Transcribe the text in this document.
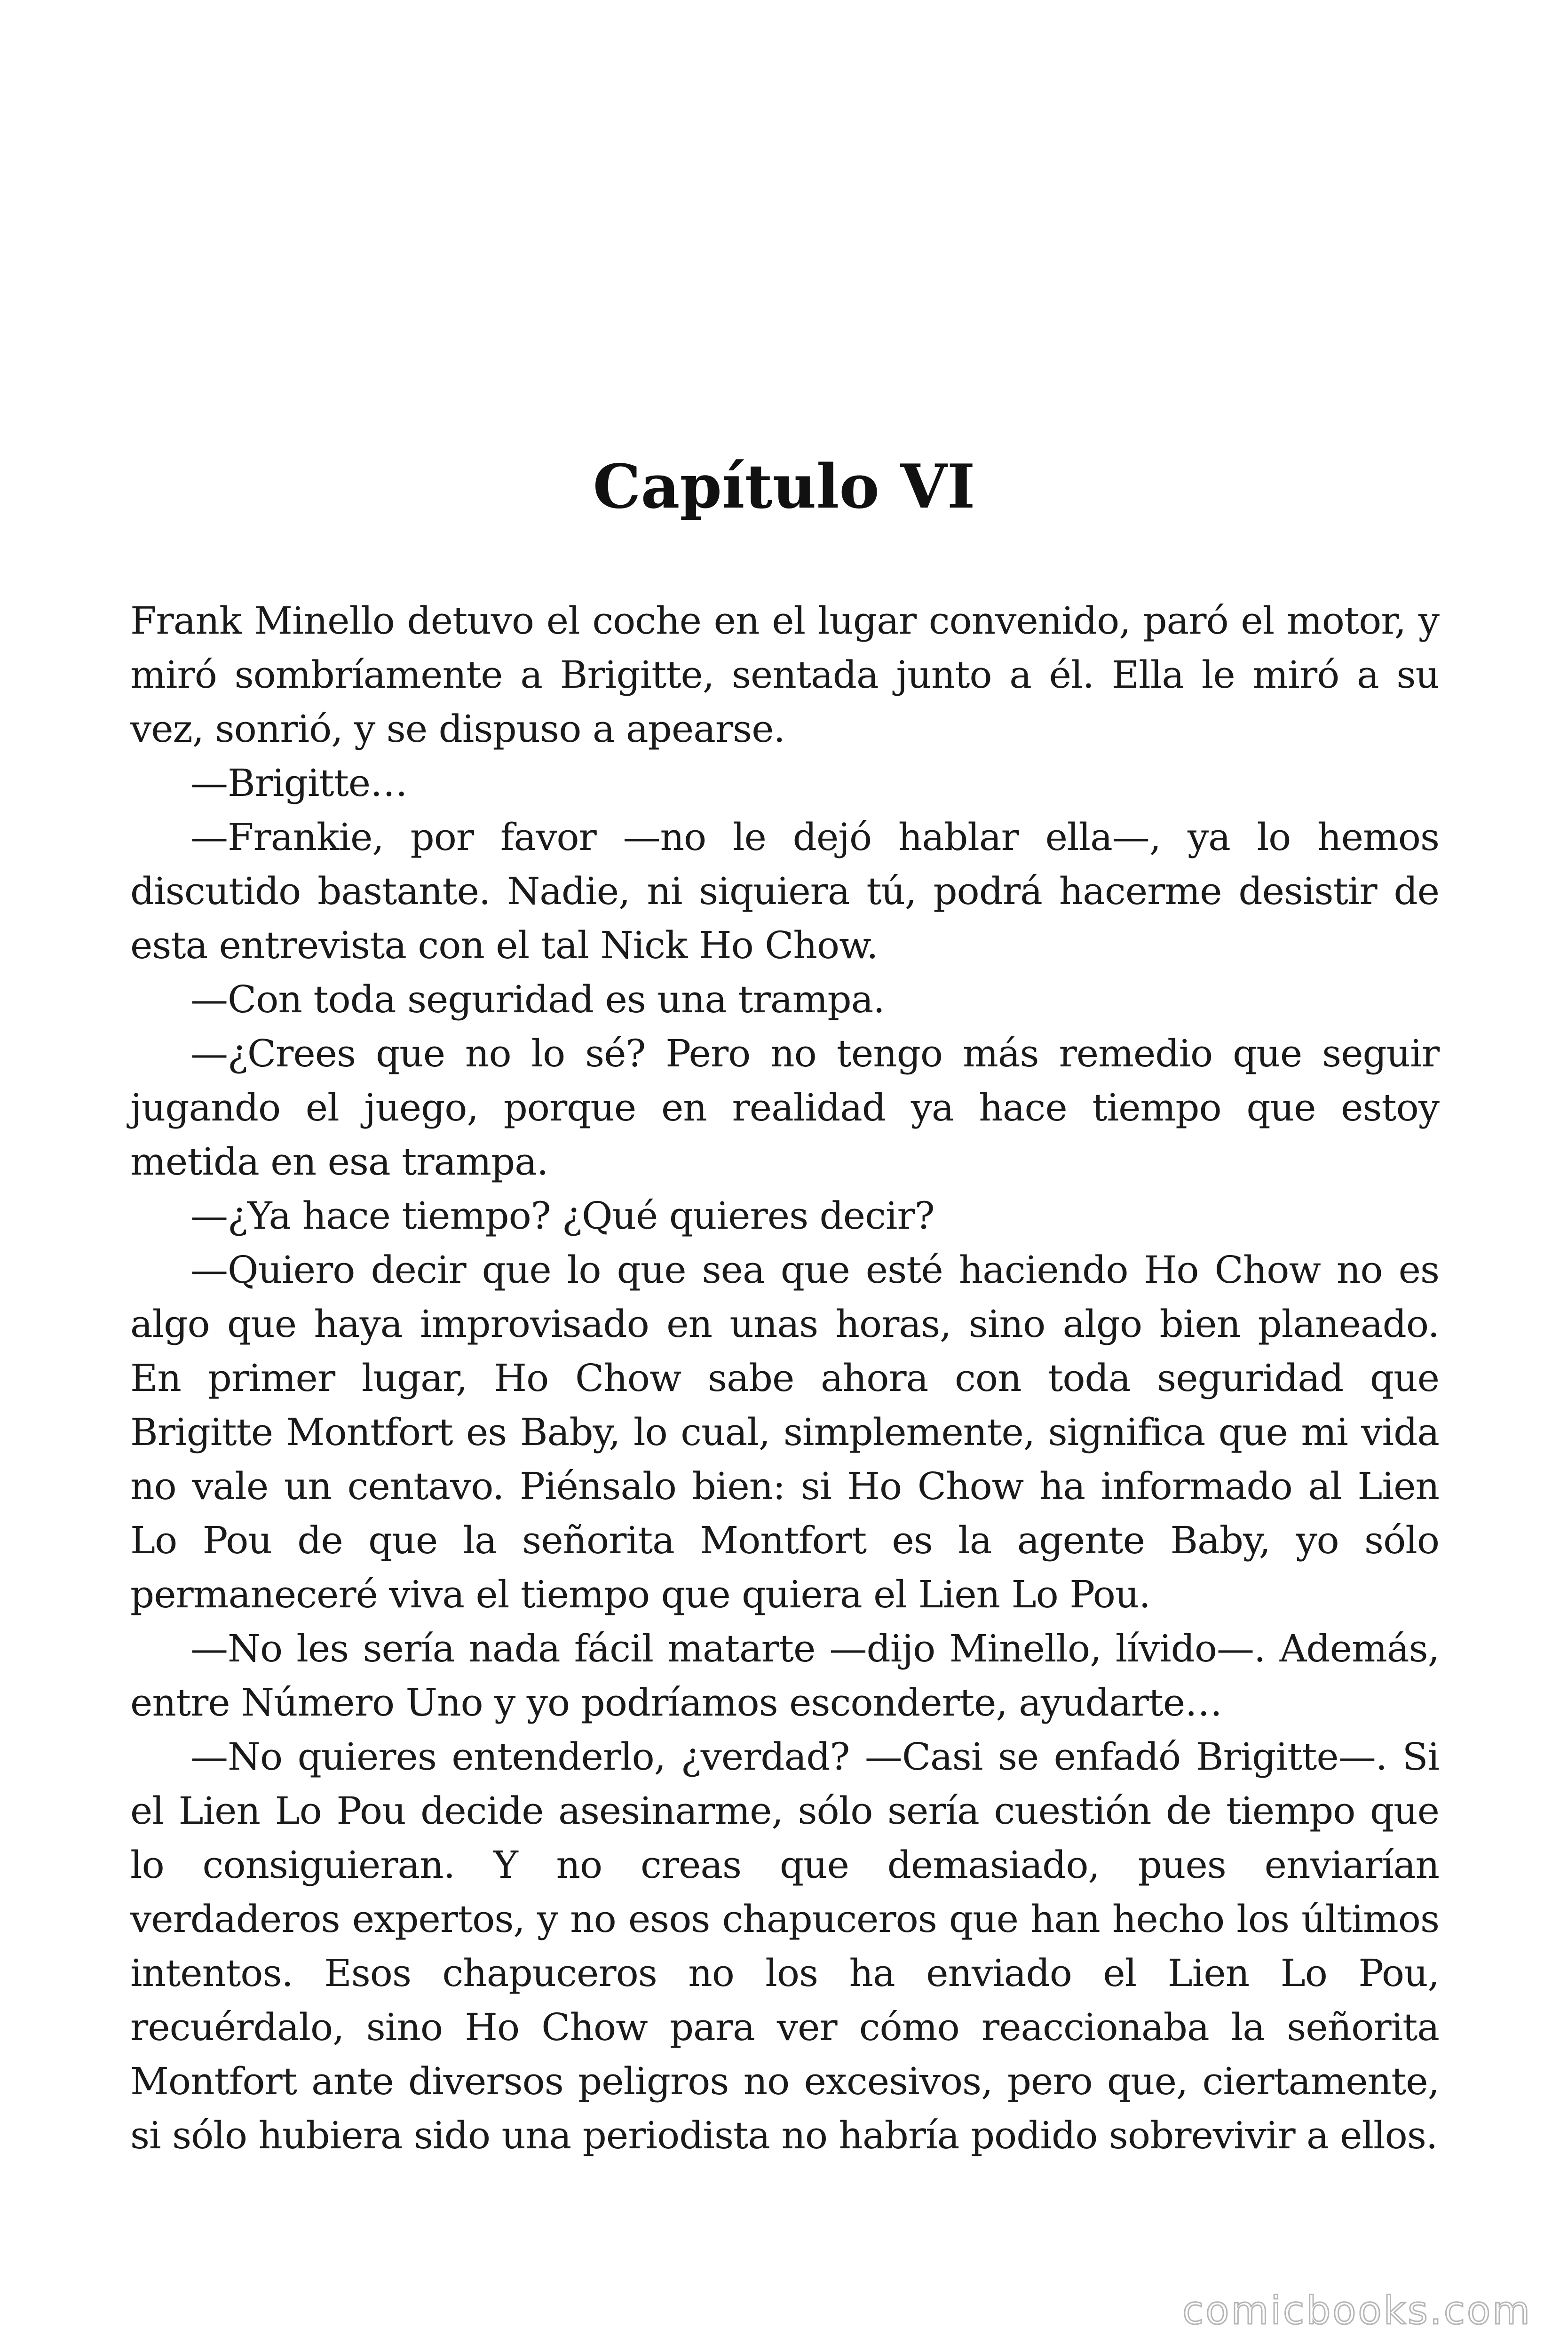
Capítulo VI

Frank Minello detuvo el coche en el lugar convenido, paró el motor, y miró sombríamente a Brigitte, sentada junto a él. Ella le miró a su vez, sonrió, y se dispuso a apearse.

—Brigitte…

—Frankie, por favor —no le dejó hablar ella—, ya lo hemos discutido bastante. Nadie, ni siquiera tú, podrá hacerme desistir de esta entrevista con el tal Nick Ho Chow.

—Con toda seguridad es una trampa.

—¿Crees que no lo sé? Pero no tengo más remedio que seguir jugando el juego, porque en realidad ya hace tiempo que estoy metida en esa trampa.

—¿Ya hace tiempo? ¿Qué quieres decir?

—Quiero decir que lo que sea que esté haciendo Ho Chow no es algo que haya improvisado en unas horas, sino algo bien planeado. En primer lugar, Ho Chow sabe ahora con toda seguridad que Brigitte Montfort es Baby, lo cual, simplemente, significa que mi vida no vale un centavo. Piénsalo bien: si Ho Chow ha informado al Lien Lo Pou de que la señorita Montfort es la agente Baby, yo sólo permaneceré viva el tiempo que quiera el Lien Lo Pou.

—No les sería nada fácil matarte —dijo Minello, lívido—. Además, entre Número Uno y yo podríamos esconderte, ayudarte…

—No quieres entenderlo, ¿verdad? —Casi se enfadó Brigitte—. Si el Lien Lo Pou decide asesinarme, sólo sería cuestión de tiempo que lo consiguieran. Y no creas que demasiado, pues enviarían verdaderos expertos, y no esos chapuceros que han hecho los últimos intentos. Esos chapuceros no los ha enviado el Lien Lo Pou, recuérdalo, sino Ho Chow para ver cómo reaccionaba la señorita Montfort ante diversos peligros no excesivos, pero que, ciertamente, si sólo hubiera sido una periodista no habría podido sobrevivir a ellos.

comicbooks.com
